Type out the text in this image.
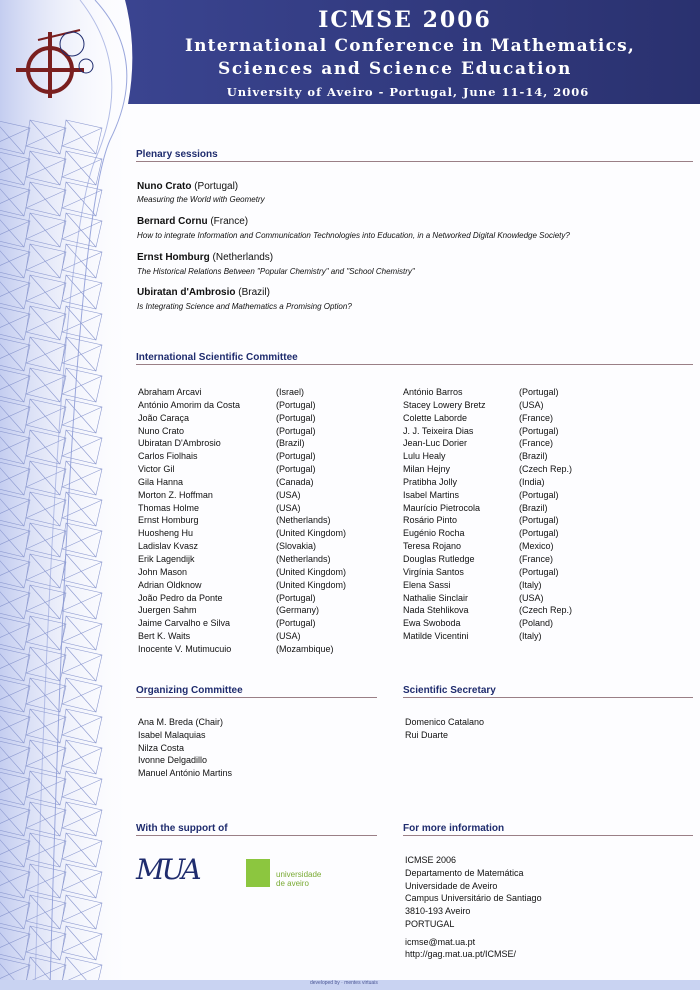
ICMSE 2006
International Conference in Mathematics,
Sciences and Science Education
University of Aveiro - Portugal, June 11-14, 2006
Plenary sessions
Nuno Crato (Portugal)
Measuring the World with Geometry
Bernard Cornu (France)
How to integrate Information and Communication Technologies into Education, in a Networked Digital Knowledge Society?
Ernst Homburg (Netherlands)
The Historical Relations Between "Popular Chemistry" and "School Chemistry"
Ubiratan d'Ambrosio (Brazil)
Is Integrating Science and Mathematics a Promising Option?
International Scientific Committee
Abraham Arcavi
António Amorim da Costa
João Caraça
Nuno Crato
Ubiratan D'Ambrosio
Carlos Fiolhais
Victor Gil
Gila Hanna
Morton Z. Hoffman
Thomas Holme
Ernst Homburg
Huosheng Hu
Ladislav Kvasz
Erik Lagendijk
John Mason
Adrian Oldknow
João Pedro da Ponte
Juergen Sahm
Jaime Carvalho e Silva
Bert K. Waits
Inocente V. Mutimucuio
(Israel)
(Portugal)
(Portugal)
(Portugal)
(Brazil)
(Portugal)
(Portugal)
(Canada)
(USA)
(USA)
(Netherlands)
(United Kingdom)
(Slovakia)
(Netherlands)
(United Kingdom)
(United Kingdom)
(Portugal)
(Germany)
(Portugal)
(USA)
(Mozambique)
António Barros
Stacey Lowery Bretz
Colette Laborde
J. J. Teixeira Dias
Jean-Luc Dorier
Lulu Healy
Milan Hejny
Pratibha Jolly
Isabel Martins
Maurício Pietrocola
Rosário Pinto
Eugénio Rocha
Teresa Rojano
Douglas Rutledge
Virgínia Santos
Elena Sassi
Nathalie Sinclair
Nada Stehlikova
Ewa Swoboda
Matilde Vicentini
(Portugal)
(USA)
(France)
(Portugal)
(France)
(Brazil)
(Czech Rep.)
(India)
(Portugal)
(Brazil)
(Portugal)
(Portugal)
(Mexico)
(France)
(Portugal)
(Italy)
(USA)
(Czech Rep.)
(Poland)
(Italy)
Organizing Committee
Ana M. Breda (Chair)
Isabel Malaquias
Nilza Costa
Ivonne Delgadillo
Manuel António Martins
Scientific Secretary
Domenico Catalano
Rui Duarte
With the support of
MUA	universidade
de aveiro
For more information
ICMSE 2006
Departamento de Matemática
Universidade de Aveiro
Campus Universitário de Santiago
3810-193 Aveiro
PORTUGAL
icmse@mat.ua.pt
http://gag.mat.ua.pt/ICMSE/
developed by · mentes virtuais
